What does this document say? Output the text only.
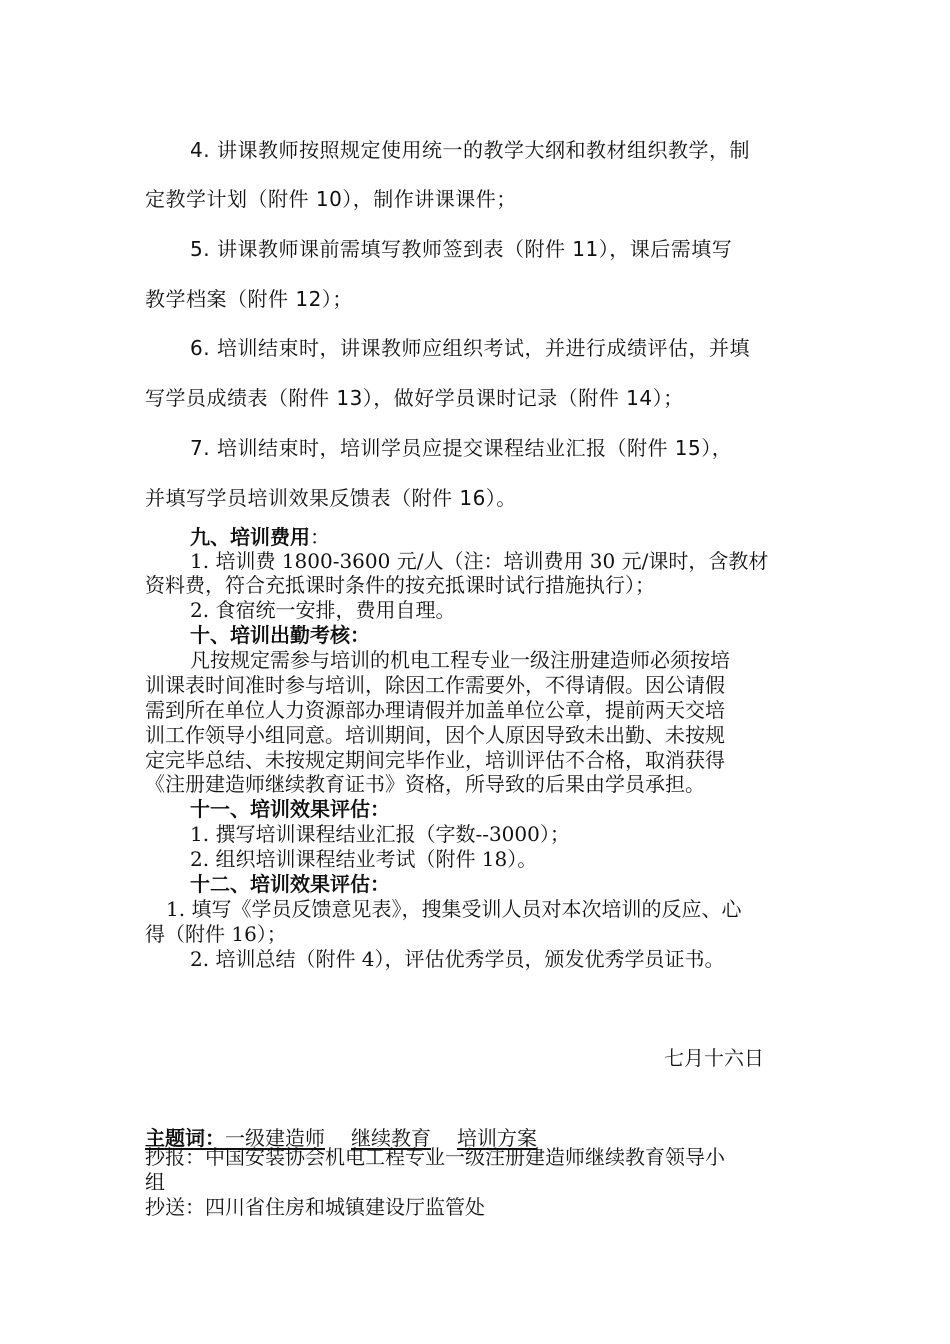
4. 讲课教师按照规定使用统一的教学大纲和教材组织教学，制
定教学计划（附件 10），制作讲课课件；
5. 讲课教师课前需填写教师签到表（附件 11），课后需填写
教学档案（附件 12）；
6. 培训结束时，讲课教师应组织考试，并进行成绩评估，并填
写学员成绩表（附件 13），做好学员课时记录（附件 14）；
7. 培训结束时，培训学员应提交课程结业汇报（附件 15），
并填写学员培训效果反馈表（附件 16）。
九、培训费用：
1. 培训费 1800-3600 元/人（注：培训费用 30 元/课时，含教材
资料费，符合充抵课时条件的按充抵课时试行措施执行）；
2. 食宿统一安排，费用自理。
十、培训出勤考核：
凡按规定需参与培训的机电工程专业一级注册建造师必须按培
训课表时间准时参与培训，除因工作需要外，不得请假。因公请假
需到所在单位人力资源部办理请假并加盖单位公章，提前两天交培
训工作领导小组同意。培训期间，因个人原因导致未出勤、未按规
定完毕总结、未按规定期间完毕作业，培训评估不合格，取消获得
《注册建造师继续教育证书》资格，所导致的后果由学员承担。
十一、培训效果评估：
1. 撰写培训课程结业汇报（字数--3000）；
2. 组织培训课程结业考试（附件 18）。
十二、培训效果评估：
1. 填写《学员反馈意见表》，搜集受训人员对本次培训的反应、心
得（附件 16）；
2. 培训总结（附件 4），评估优秀学员，颁发优秀学员证书。
七月十六日
主题词：一级建造师 继续教育 培训方案
抄报：中国安装协会机电工程专业一级注册建造师继续教育领导小
组
抄送：四川省住房和城镇建设厅监管处
